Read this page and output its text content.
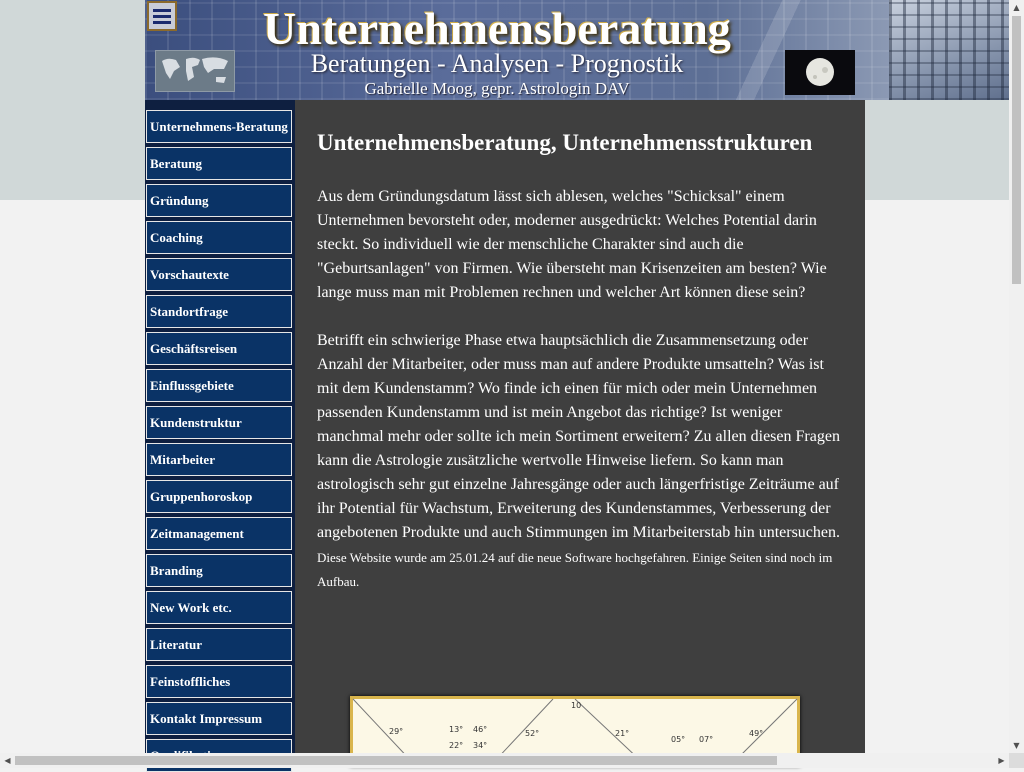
Unternehmensberatung
Beratungen - Analysen - Prognostik
Gabrielle Moog, gepr. Astrologin DAV
Unternehmens-Beratung
Beratung
Gründung
Coaching
Vorschautexte
Standortfrage
Geschäftsreisen
Einflussgebiete
Kundenstruktur
Mitarbeiter
Gruppenhoroskop
Zeitmanagement
Branding
New Work etc.
Literatur
Feinstoffliches
Kontakt Impressum
Unternehmensberatung, Unternehmensstrukturen

Aus dem Gründungsdatum lässt sich ablesen, welches "Schicksal" einem Unternehmen bevorsteht oder, moderner ausgedrückt: Welches Potential darin steckt. So individuell wie der menschliche Charakter sind auch die "Geburtsanlagen" von Firmen. Wie übersteht man Krisenzeiten am besten? Wie lange muss man mit Problemen rechnen und welcher Art können diese sein?

Betrifft ein schwierige Phase etwa hauptsächlich die Zusammensetzung oder Anzahl der Mitarbeiter, oder muss man auf andere Produkte umsatteln? Was ist mit dem Kundenstamm? Wo finde ich einen für mich oder mein Unternehmen passenden Kundenstamm und ist mein Angebot das richtige? Ist weniger manchmal mehr oder sollte ich mein Sortiment erweitern? Zu allen diesen Fragen kann die Astrologie zusätzliche wertvolle Hinweise liefern. So kann man astrologisch sehr gut einzelne Jahresgänge oder auch längerfristige Zeiträume auf ihr Potential für Wachstum, Erweiterung des Kundenstammes, Verbesserung der angebotenen Produkte und auch Stimmungen im Mitarbeiterstab hin untersuchen.

Diese Website wurde am 25.01.24 auf die neue Software hochgefahren. Einige Seiten sind noch im Aufbau.

29°	13° 46°
22° 34°
52°
10
21°
05° 07°
49°
▲
▼
◀	▶
